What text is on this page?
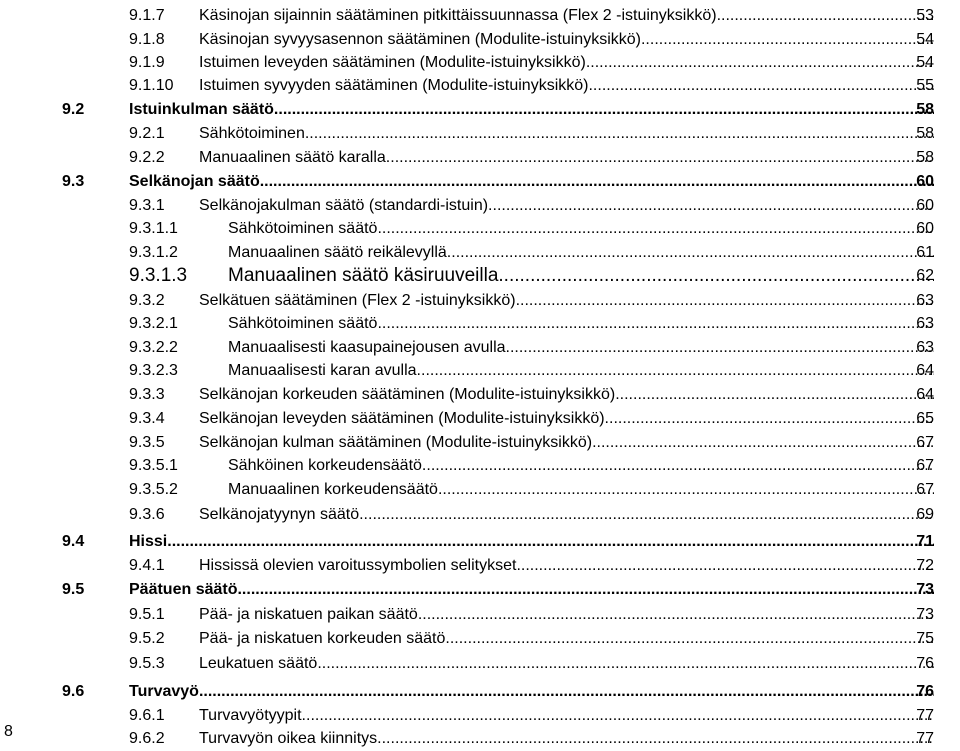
9.1.7 Käsinojan sijainnin säätäminen pitkittäissuunnassa (Flex 2 -istuinyksikkö) .....	53
9.1.8 Käsinojan syvyysasennon säätäminen (Modulite-istuinyksikkö) .....	54
9.1.9 Istuimen leveyden säätäminen (Modulite-istuinyksikkö) .....	54
9.1.10 Istuimen syvyyden säätäminen (Modulite-istuinyksikkö) .....	55
9.2	Istuinkulman säätö .....	58
9.2.1 Sähkötoiminen .....	58
9.2.2 Manuaalinen säätö karalla .....	58
9.3	Selkänojan säätö .....	60
9.3.1 Selkänojakulman säätö (standardi-istuin) .....	60
9.3.1.1	Sähkötoiminen säätö .....	60
9.3.1.2	Manuaalinen säätö reikälevyllä .....	61
9.3.1.3 Manuaalinen säätö käsiruuveilla .....	62
9.3.2 Selkätuen säätäminen (Flex 2 -istuinyksikkö) .....	63
9.3.2.1	Sähkötoiminen säätö .....	63
9.3.2.2	Manuaalisesti kaasupainejousen avulla .....	63
9.3.2.3	Manuaalisesti karan avulla .....	64
9.3.3 Selkänojan korkeuden säätäminen (Modulite-istuinyksikkö) .....	64
9.3.4 Selkänojan leveyden säätäminen (Modulite-istuinyksikkö) .....	65
9.3.5 Selkänojan kulman säätäminen (Modulite-istuinyksikkö) .....	67
9.3.5.1	Sähköinen korkeudensäätö .....	67
9.3.5.2	Manuaalinen korkeudensäätö .....	67
9.3.6 Selkänojatyynyn säätö .....	69
9.4	Hissi .....	71
9.4.1 Hississä olevien varoitussymbolien selitykset .....	72
9.5	Päätuen säätö .....	73
9.5.1 Pää- ja niskatuen paikan säätö .....	73
9.5.2 Pää- ja niskatuen korkeuden säätö .....	75
9.5.3 Leukatuen säätö .....	76
9.6	Turvavyö .....	76
9.6.1 Turvavyötyypit .....	77
9.6.2 Turvavyön oikea kiinnitys .....	77
8
